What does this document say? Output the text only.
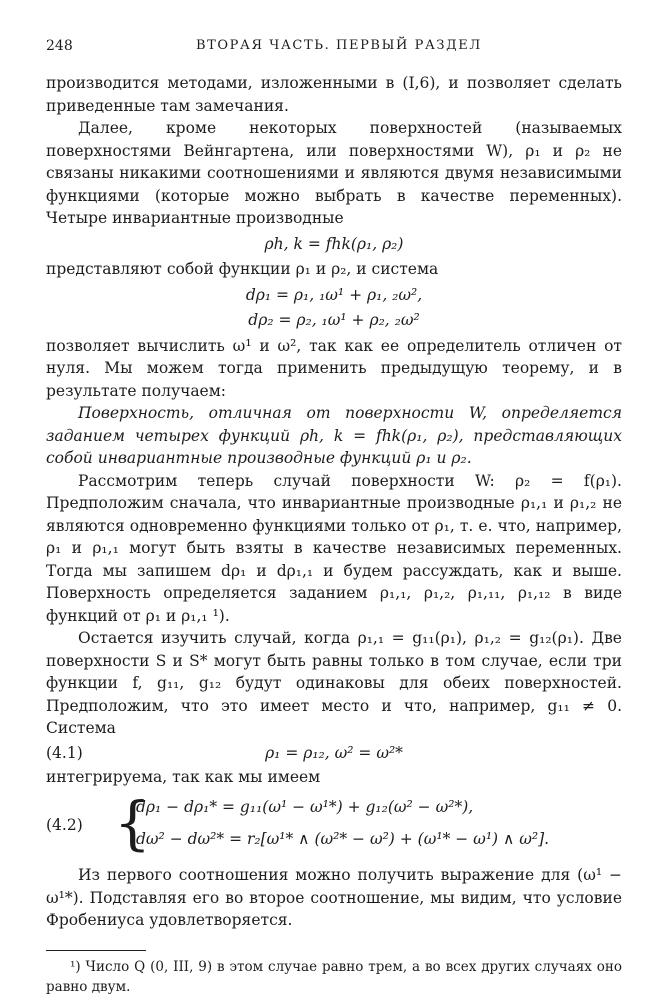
248	ВТОРАЯ ЧАСТЬ. ПЕРВЫЙ РАЗДЕЛ

производится методами, изложенными в (I,6), и позволяет сделать приведенные там замечания.

Далее, кроме некоторых поверхностей (называемых поверхностями Вейнгартена, или поверхностями W), ρ₁ и ρ₂ не связаны никакими соотношениями и являются двумя независимыми функциями (которые можно выбрать в качестве переменных). Четыре инвариантные производные

ρh, k = fhk(ρ₁, ρ₂)

представляют собой функции ρ₁ и ρ₂, и система

dρ₁ = ρ₁, ₁ω¹ + ρ₁, ₂ω²,
dρ₂ = ρ₂, ₁ω¹ + ρ₂, ₂ω²

позволяет вычислить ω¹ и ω², так как ее определитель отличен от нуля. Мы можем тогда применить предыдущую теорему, и в результате получаем:

Поверхность, отличная от поверхности W, определяется заданием четырех функций ρh, k = fhk(ρ₁, ρ₂), представляющих собой инвариантные производные функций ρ₁ и ρ₂.

Рассмотрим теперь случай поверхности W: ρ₂ = f(ρ₁). Предположим сначала, что инвариантные производные ρ₁,₁ и ρ₁,₂ не являются одновременно функциями только от ρ₁, т. е. что, например, ρ₁ и ρ₁,₁ могут быть взяты в качестве независимых переменных. Тогда мы запишем dρ₁ и dρ₁,₁ и будем рассуждать, как и выше. Поверхность определяется заданием ρ₁,₁, ρ₁,₂, ρ₁,₁₁, ρ₁,₁₂ в виде функций от ρ₁ и ρ₁,₁ ¹).

Остается изучить случай, когда ρ₁,₁ = g₁₁(ρ₁), ρ₁,₂ = g₁₂(ρ₁). Две поверхности S и S* могут быть равны только в том случае, если три функции f, g₁₁, g₁₂ будут одинаковы для обеих поверхностей. Предположим, что это имеет место и что, например, g₁₁ ≠ 0. Система

(4.1)	ρ₁ = ρ₁₂, ω² = ω²*

интегрируема, так как мы имеем

(4.2) {
dρ₁ − dρ₁* = g₁₁(ω¹ − ω¹*) + g₁₂(ω² − ω²*),
dω² − dω²* = r₂[ω¹* ∧ (ω²* − ω²) + (ω¹* − ω¹) ∧ ω²].

Из первого соотношения можно получить выражение для (ω¹ − ω¹*). Подставляя его во второе соотношение, мы видим, что условие Фробениуса удовлетворяется.

¹) Число Q (0, III, 9) в этом случае равно трем, а во всех других случаях оно равно двум.
